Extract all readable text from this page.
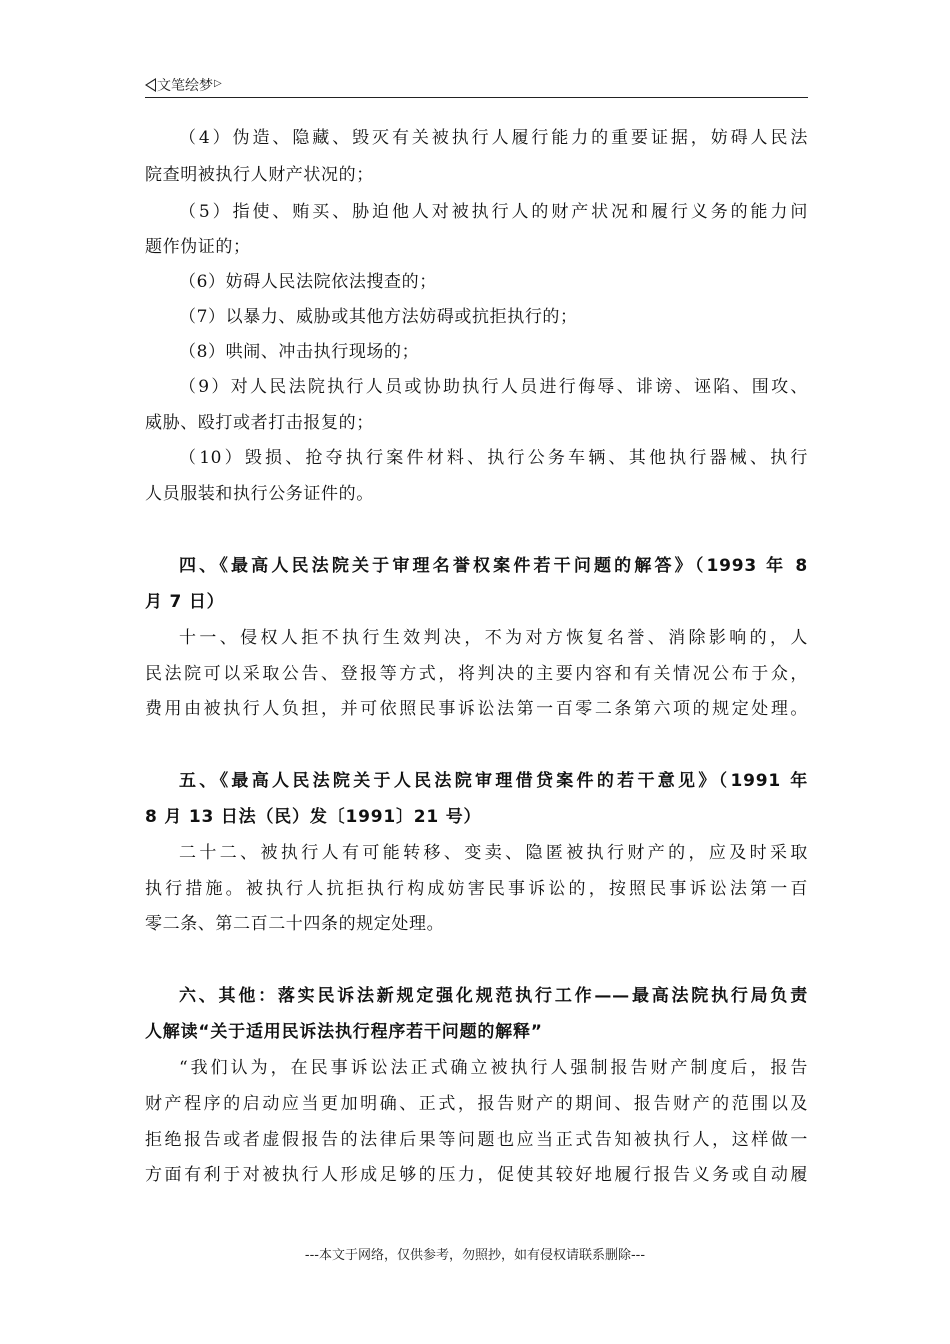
文笔绘梦▷
（4）伪造、隐藏、毁灭有关被执行人履行能力的重要证据，妨碍人民法
院查明被执行人财产状况的；
（5）指使、贿买、胁迫他人对被执行人的财产状况和履行义务的能力问
题作伪证的；
（6）妨碍人民法院依法搜查的；
（7）以暴力、威胁或其他方法妨碍或抗拒执行的；
（8）哄闹、冲击执行现场的；
（9）对人民法院执行人员或协助执行人员进行侮辱、诽谤、诬陷、围攻、
威胁、殴打或者打击报复的；
（10）毁损、抢夺执行案件材料、执行公务车辆、其他执行器械、执行
人员服装和执行公务证件的。
四、《最高人民法院关于审理名誉权案件若干问题的解答》（1993 年 8
月 7 日）
十一、侵权人拒不执行生效判决，不为对方恢复名誉、消除影响的，人
民法院可以采取公告、登报等方式，将判决的主要内容和有关情况公布于众，
费用由被执行人负担，并可依照民事诉讼法第一百零二条第六项的规定处理。
五、《最高人民法院关于人民法院审理借贷案件的若干意见》（1991 年
8 月 13 日法（民）发〔1991〕21 号）
二十二、被执行人有可能转移、变卖、隐匿被执行财产的，应及时采取
执行措施。被执行人抗拒执行构成妨害民事诉讼的，按照民事诉讼法第一百
零二条、第二百二十四条的规定处理。
六、其他：落实民诉法新规定强化规范执行工作——最高法院执行局负责
人解读“关于适用民诉法执行程序若干问题的解释”
“我们认为，在民事诉讼法正式确立被执行人强制报告财产制度后，报告
财产程序的启动应当更加明确、正式，报告财产的期间、报告财产的范围以及
拒绝报告或者虚假报告的法律后果等问题也应当正式告知被执行人，这样做一
方面有利于对被执行人形成足够的压力，促使其较好地履行报告义务或自动履
---本文于网络，仅供参考，勿照抄，如有侵权请联系删除---
